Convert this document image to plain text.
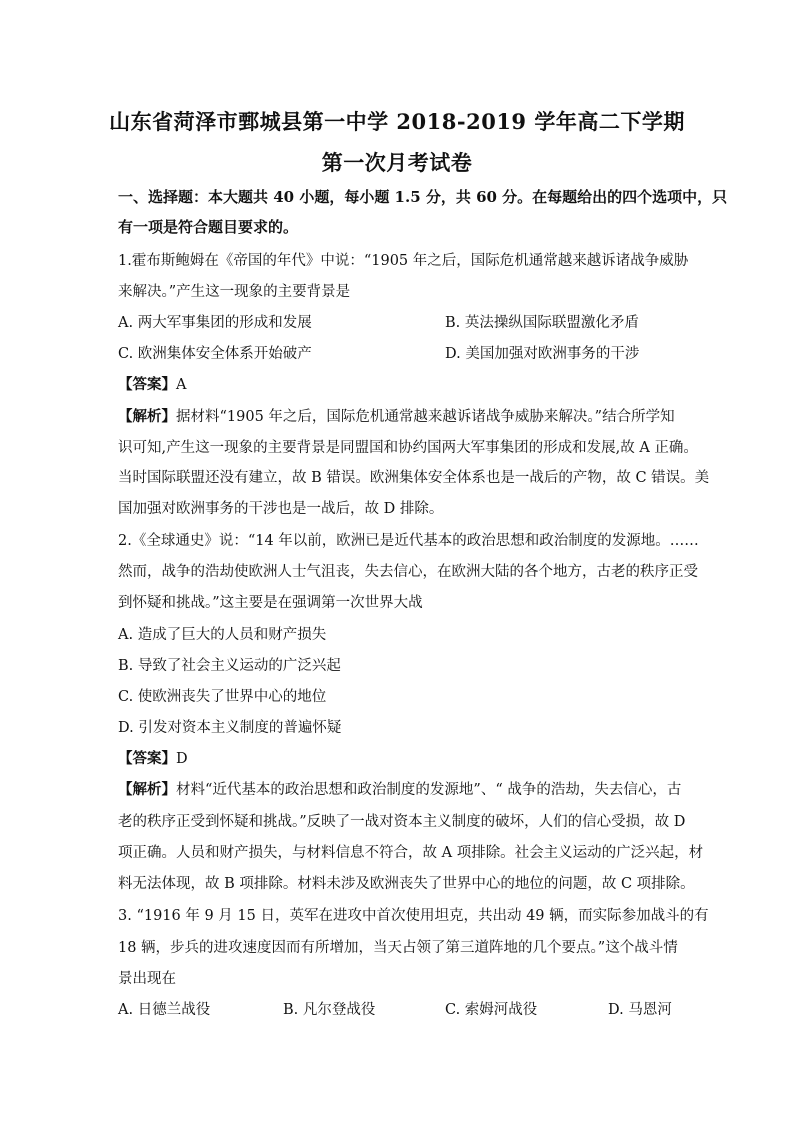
山东省菏泽市鄄城县第一中学 2018-2019 学年高二下学期
第一次月考试卷
一、选择题：本大题共 40 小题，每小题 1.5 分，共 60 分。在每题给出的四个选项中，只
有一项是符合题目要求的。
1.霍布斯鲍姆在《帝国的年代》中说：“1905 年之后，国际危机通常越来越诉诸战争威胁
来解决。”产生这一现象的主要背景是
A. 两大军事集团的形成和发展	B. 英法操纵国际联盟激化矛盾
C. 欧洲集体安全体系开始破产	D. 美国加强对欧洲事务的干涉
【答案】A
【解析】据材料“1905 年之后，国际危机通常越来越诉诸战争威胁来解决。”结合所学知
识可知,产生这一现象的主要背景是同盟国和协约国两大军事集团的形成和发展,故 A 正确。
当时国际联盟还没有建立，故 B 错误。欧洲集体安全体系也是一战后的产物，故 C 错误。美
国加强对欧洲事务的干涉也是一战后，故 D 排除。
2.《全球通史》说：“14 年以前，欧洲已是近代基本的政治思想和政治制度的发源地。……
然而，战争的浩劫使欧洲人士气沮丧，失去信心，在欧洲大陆的各个地方，古老的秩序正受
到怀疑和挑战。”这主要是在强调第一次世界大战
A. 造成了巨大的人员和财产损失
B. 导致了社会主义运动的广泛兴起
C. 使欧洲丧失了世界中心的地位
D. 引发对资本主义制度的普遍怀疑
【答案】D
【解析】材料“近代基本的政治思想和政治制度的发源地”、“ 战争的浩劫，失去信心，古
老的秩序正受到怀疑和挑战。”反映了一战对资本主义制度的破坏，人们的信心受损，故 D
项正确。人员和财产损失，与材料信息不符合，故 A 项排除。社会主义运动的广泛兴起，材
料无法体现，故 B 项排除。材料未涉及欧洲丧失了世界中心的地位的问题，故 C 项排除。
3. “1916 年 9 月 15 日，英军在进攻中首次使用坦克，共出动 49 辆，而实际参加战斗的有
18 辆，步兵的进攻速度因而有所增加，当天占领了第三道阵地的几个要点。”这个战斗情
景出现在
A. 日德兰战役	B. 凡尔登战役	C. 索姆河战役	D. 马恩河
